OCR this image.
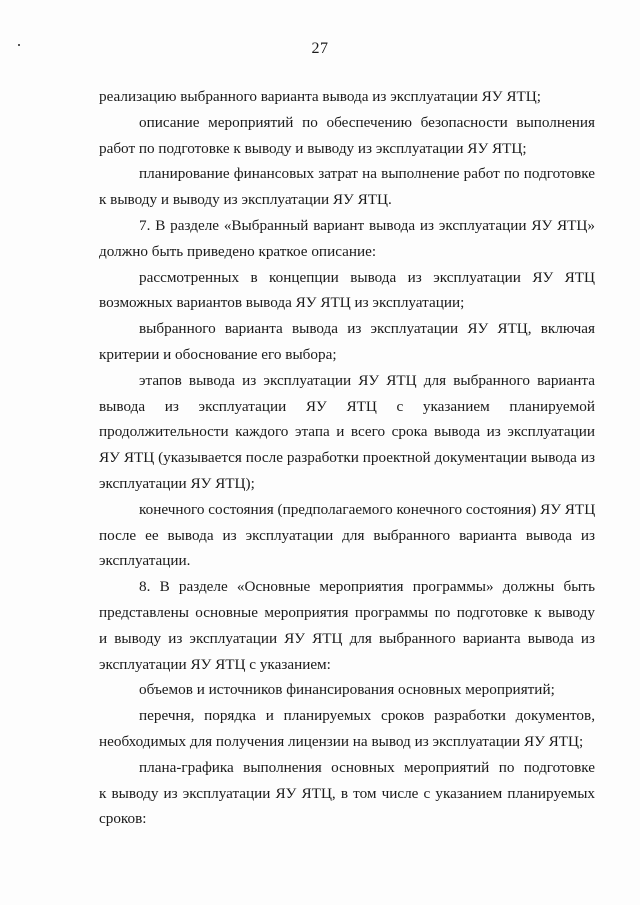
27
реализацию выбранного варианта вывода из эксплуатации ЯУ ЯТЦ;
описание мероприятий по обеспечению безопасности выполнения
работ по подготовке к выводу и выводу из эксплуатации ЯУ ЯТЦ;
планирование финансовых затрат на выполнение работ по подготовке
к выводу и выводу из эксплуатации ЯУ ЯТЦ.
7. В разделе «Выбранный вариант вывода из эксплуатации ЯУ ЯТЦ»
должно быть приведено краткое описание:
рассмотренных в концепции вывода из эксплуатации ЯУ ЯТЦ
возможных вариантов вывода ЯУ ЯТЦ из эксплуатации;
выбранного варианта вывода из эксплуатации ЯУ ЯТЦ, включая
критерии и обоснование его выбора;
этапов вывода из эксплуатации ЯУ ЯТЦ для выбранного варианта
вывода из эксплуатации ЯУ ЯТЦ с указанием планируемой
продолжительности каждого этапа и всего срока вывода из эксплуатации
ЯУ ЯТЦ (указывается после разработки проектной документации вывода из
эксплуатации ЯУ ЯТЦ);
конечного состояния (предполагаемого конечного состояния) ЯУ ЯТЦ
после ее вывода из эксплуатации для выбранного варианта вывода из
эксплуатации.
8. В разделе «Основные мероприятия программы» должны быть
представлены основные мероприятия программы по подготовке к выводу
и выводу из эксплуатации ЯУ ЯТЦ для выбранного варианта вывода из
эксплуатации ЯУ ЯТЦ с указанием:
объемов и источников финансирования основных мероприятий;
перечня, порядка и планируемых сроков разработки документов,
необходимых для получения лицензии на вывод из эксплуатации ЯУ ЯТЦ;
плана-графика выполнения основных мероприятий по подготовке
к выводу из эксплуатации ЯУ ЯТЦ, в том числе с указанием планируемых
сроков:
